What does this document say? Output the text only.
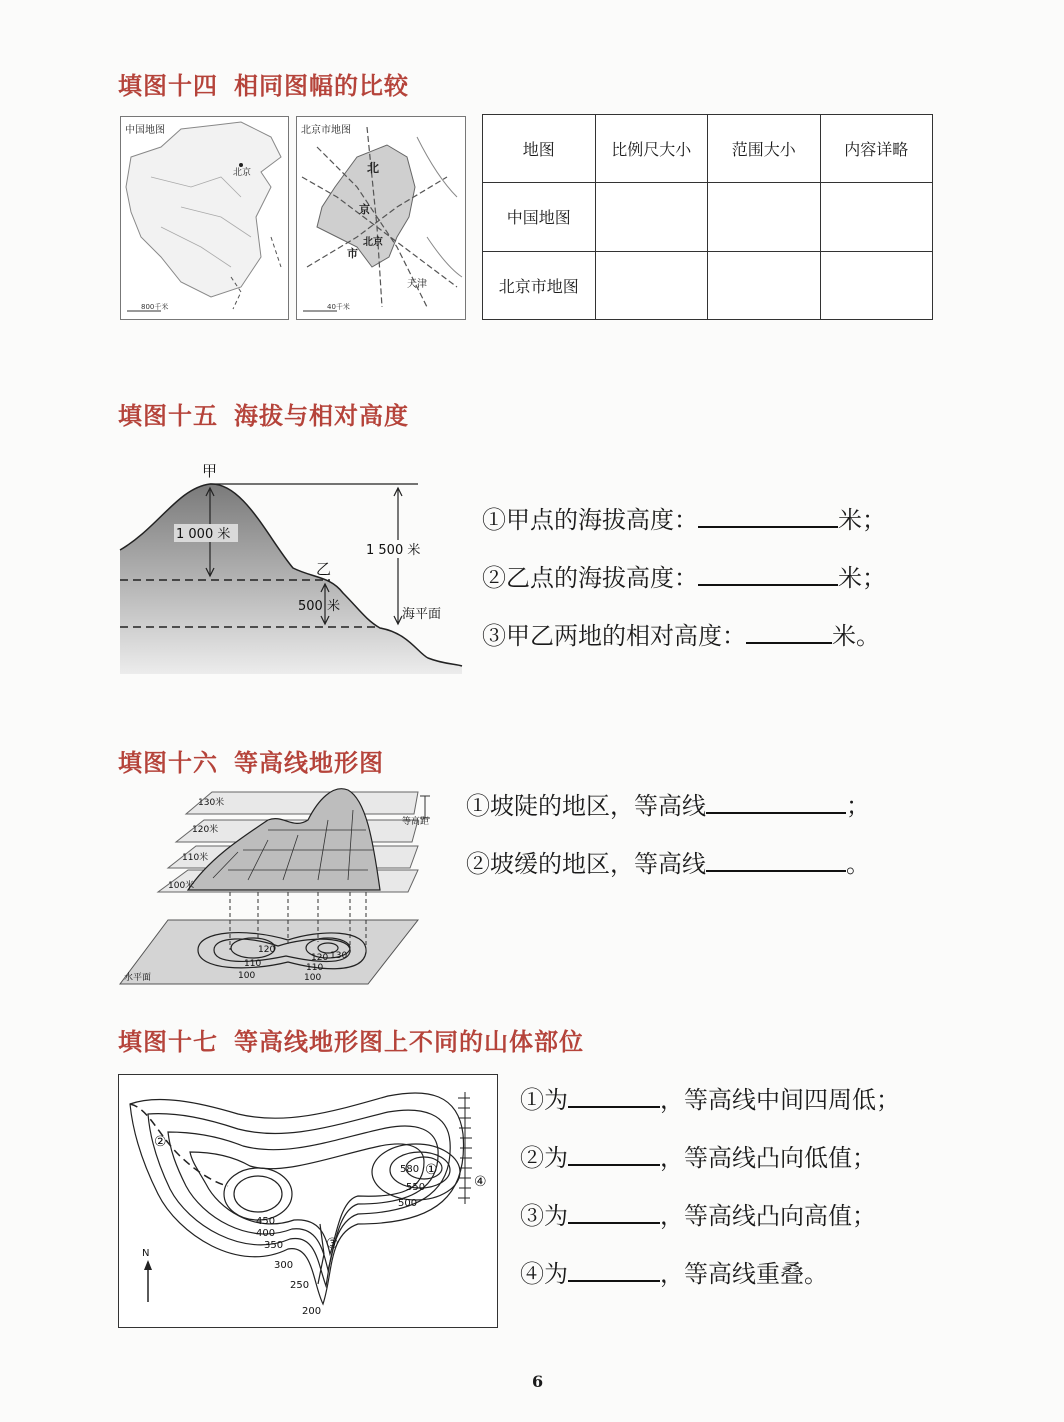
填图十四 相同图幅的比较
北京
800千米
中国地图
北
京
北京
市
天津
40千米
北京市地图
地图	比例尺大小	范围大小	内容详略
中国地图			
北京市地图			
填图十五 海拔与相对高度
甲
乙
1 000 米
1 500 米
500 米
海平面
①甲点的海拔高度：	米；
②乙点的海拔高度：	米；
③甲乙两地的相对高度：	米。
填图十六 等高线地形图
130米
120米
110米
100米
等高距
水平面
120
110
100
130
120
110
100
①坡陡的地区，等高线	；
②坡缓的地区，等高线	。
填图十七 等高线地形图上不同的山体部位
N
①
②
③
④
580
550
500
450
400
350
300
250
200
①为	，等高线中间四周低；
②为	，等高线凸向低值；
③为	，等高线凸向高值；
④为	，等高线重叠。
6
